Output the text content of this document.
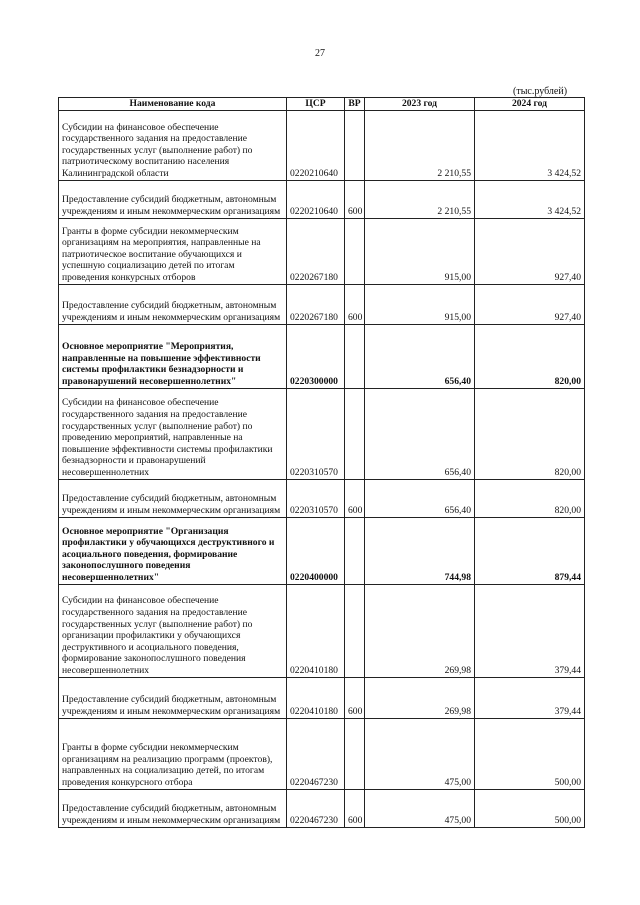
27
(тыс.рублей)
Наименование кода	ЦСР	ВР	2023 год	2024 год
Субсидии на финансовое обеспечение государственного задания на предоставление государственных услуг (выполнение работ) по патриотическому воспитанию населения Калининградской области	0220210640		2 210,55	3 424,52
Предоставление субсидий бюджетным, автономным учреждениям и иным некоммерческим организациям	0220210640	600	2 210,55	3 424,52
Гранты в форме субсидии некоммерческим организациям на мероприятия, направленные на патриотическое воспитание обучающихся и успешную социализацию детей по итогам проведения конкурсных отборов	0220267180		915,00	927,40
Предоставление субсидий бюджетным, автономным учреждениям и иным некоммерческим организациям	0220267180	600	915,00	927,40
Основное мероприятие "Мероприятия, направленные на повышение эффективности системы профилактики безнадзорности и правонарушений несовершеннолетних"	0220300000		656,40	820,00
Субсидии на финансовое обеспечение государственного задания на предоставление государственных услуг (выполнение работ) по проведению мероприятий, направленные на повышение эффективности системы профилактики безнадзорности и правонарушений несовершеннолетних	0220310570		656,40	820,00
Предоставление субсидий бюджетным, автономным учреждениям и иным некоммерческим организациям	0220310570	600	656,40	820,00
Основное мероприятие "Организация профилактики у обучающихся деструктивного и асоциального поведения, формирование законопослушного поведения несовершеннолетних"	0220400000		744,98	879,44
Субсидии на финансовое обеспечение государственного задания на предоставление государственных услуг (выполнение работ) по организации профилактики у обучающихся деструктивного и асоциального поведения, формирование законопослушного поведения несовершеннолетних	0220410180		269,98	379,44
Предоставление субсидий бюджетным, автономным учреждениям и иным некоммерческим организациям	0220410180	600	269,98	379,44
Гранты в форме субсидии некоммерческим организациям на реализацию программ (проектов), направленных на социализацию детей, по итогам проведения конкурсного отбора	0220467230		475,00	500,00
Предоставление субсидий бюджетным, автономным учреждениям и иным некоммерческим организациям	0220467230	600	475,00	500,00
